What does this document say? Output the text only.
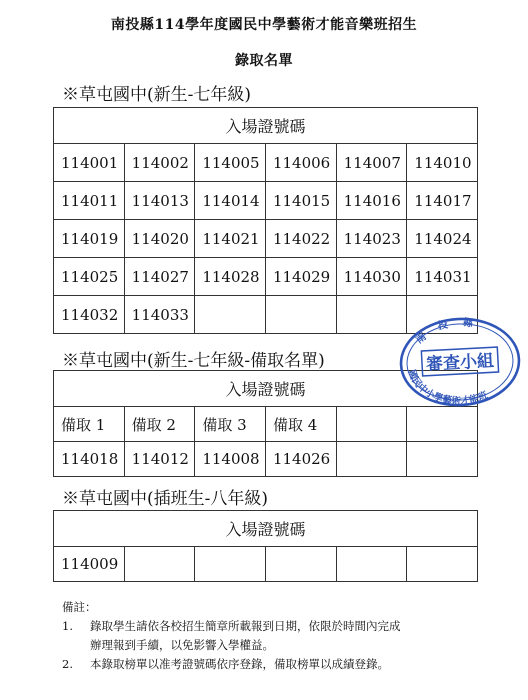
南投縣114學年度國民中學藝術才能音樂班招生
錄取名單
※草屯國中(新生-七年級)
入場證號碼					
114001	114002	114005	114006	114007	114010
114011	114013	114014	114015	114016	114017
114019	114020	114021	114022	114023	114024
114025	114027	114028	114029	114030	114031
114032	114033				
※草屯國中(新生-七年級-備取名單)
入場證號碼					
備取 1	備取 2	備取 3	備取 4		
114018	114012	114008	114026		
※草屯國中(插班生-八年級)
入場證號碼
114009					
備註：
1. 錄取學生請依各校招生簡章所載報到日期，依限於時間內完成
辦理報到手續，以免影響入學權益。
2. 本錄取榜單以准考證號碼依序登錄，備取榜單以成績登錄。
南投縣
審查小組
國民中小學藝術才能班
